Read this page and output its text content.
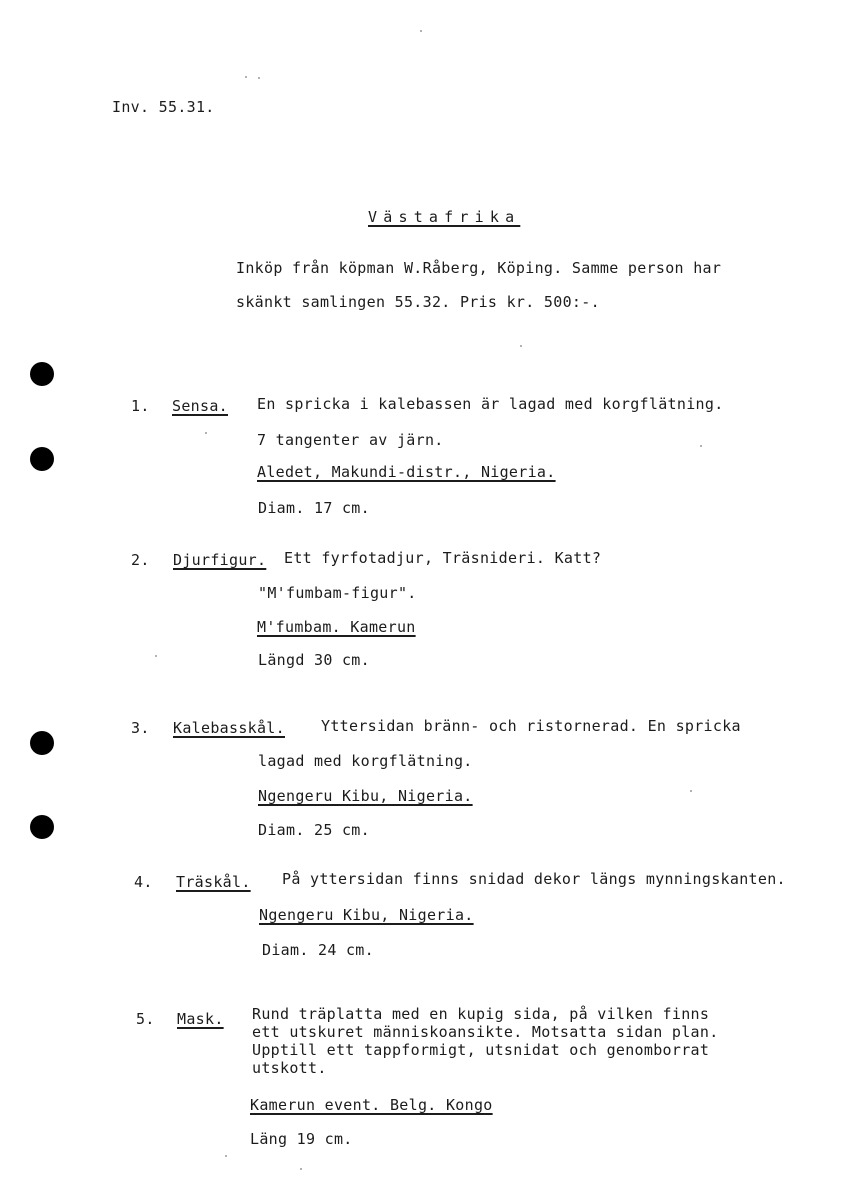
Inv. 55.31.
Västafrika
Inköp från köpman W.Råberg, Köping. Samme person har
skänkt samlingen 55.32. Pris kr. 500:-.
1. Sensa. En spricka i kalebassen är lagad med korgflätning.
7 tangenter av järn.
Aledet, Makundi-distr., Nigeria.
Diam. 17 cm.
2. Djurfigur. Ett fyrfotadjur, Träsnideri. Katt?
"M'fumbam-figur".
M'fumbam. Kamerun
Längd 30 cm.
3. Kalebasskål. Yttersidan bränn- och ristornerad. En spricka
lagad med korgflätning.
Ngengeru Kibu, Nigeria.
Diam. 25 cm.
4. Träskål. På yttersidan finns snidad dekor längs mynningskanten.
Ngengeru Kibu, Nigeria.
Diam. 24 cm.
5. Mask. Rund träplatta med en kupig sida, på vilken finns
ett utskuret människoansikte. Motsatta sidan plan.
Upptill ett tappformigt, utsnidat och genomborrat
utskott.
Kamerun event. Belg. Kongo
Läng 19 cm.
